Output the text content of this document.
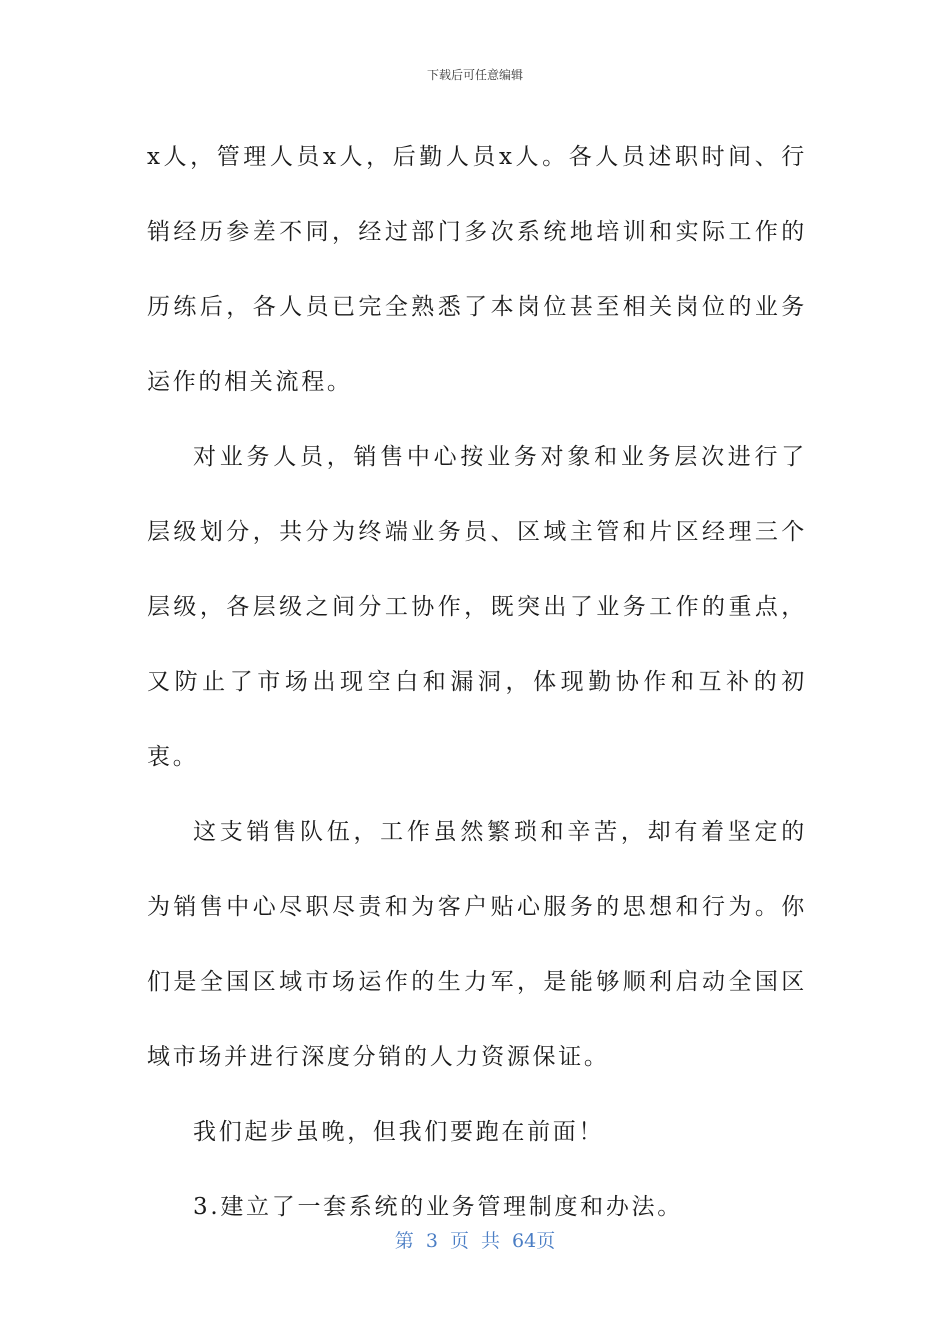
下载后可任意编辑

x人，管理人员x人，后勤人员x人。各人员述职时间、行销经历参差不同，经过部门多次系统地培训和实际工作的历练后，各人员已完全熟悉了本岗位甚至相关岗位的业务运作的相关流程。

对业务人员，销售中心按业务对象和业务层次进行了层级划分，共分为终端业务员、区域主管和片区经理三个层级，各层级之间分工协作，既突出了业务工作的重点，又防止了市场出现空白和漏洞，体现勤协作和互补的初衷。

这支销售队伍，工作虽然繁琐和辛苦，却有着坚定的为销售中心尽职尽责和为客户贴心服务的思想和行为。你们是全国区域市场运作的生力军，是能够顺利启动全国区域市场并进行深度分销的人力资源保证。

我们起步虽晚，但我们要跑在前面！

3.建立了一套系统的业务管理制度和办法。

第 3 页 共 64页
